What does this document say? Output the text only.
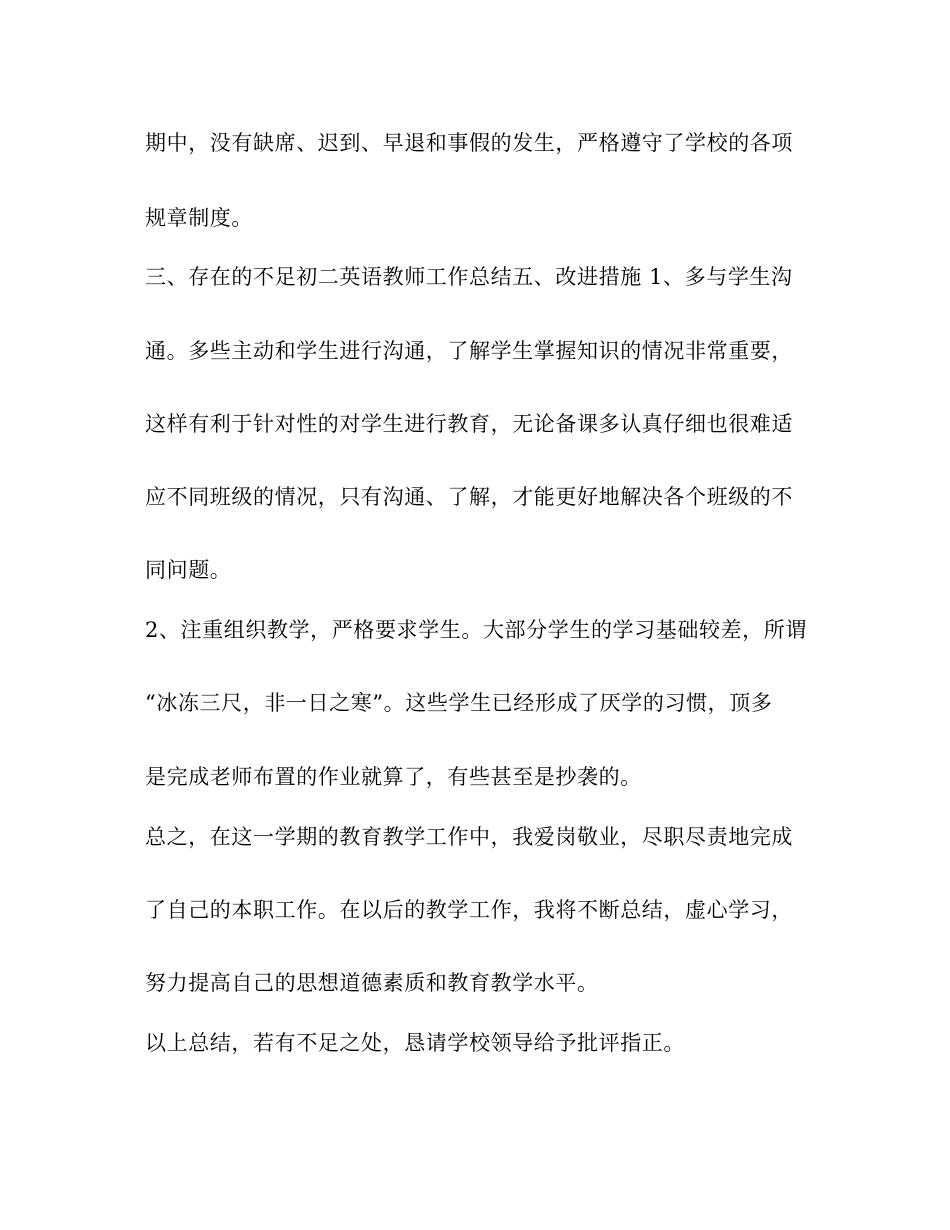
期中，没有缺席、迟到、早退和事假的发生，严格遵守了学校的各项

规章制度。

三、存在的不足初二英语教师工作总结五、改进措施 1、多与学生沟

通。多些主动和学生进行沟通，了解学生掌握知识的情况非常重要，

这样有利于针对性的对学生进行教育，无论备课多认真仔细也很难适

应不同班级的情况，只有沟通、了解，才能更好地解决各个班级的不

同问题。

2、注重组织教学，严格要求学生。大部分学生的学习基础较差，所谓

“冰冻三尺，非一日之寒”。这些学生已经形成了厌学的习惯，顶多

是完成老师布置的作业就算了，有些甚至是抄袭的。

总之，在这一学期的教育教学工作中，我爱岗敬业，尽职尽责地完成

了自己的本职工作。在以后的教学工作，我将不断总结，虚心学习，

努力提高自己的思想道德素质和教育教学水平。

以上总结，若有不足之处，恳请学校领导给予批评指正。
